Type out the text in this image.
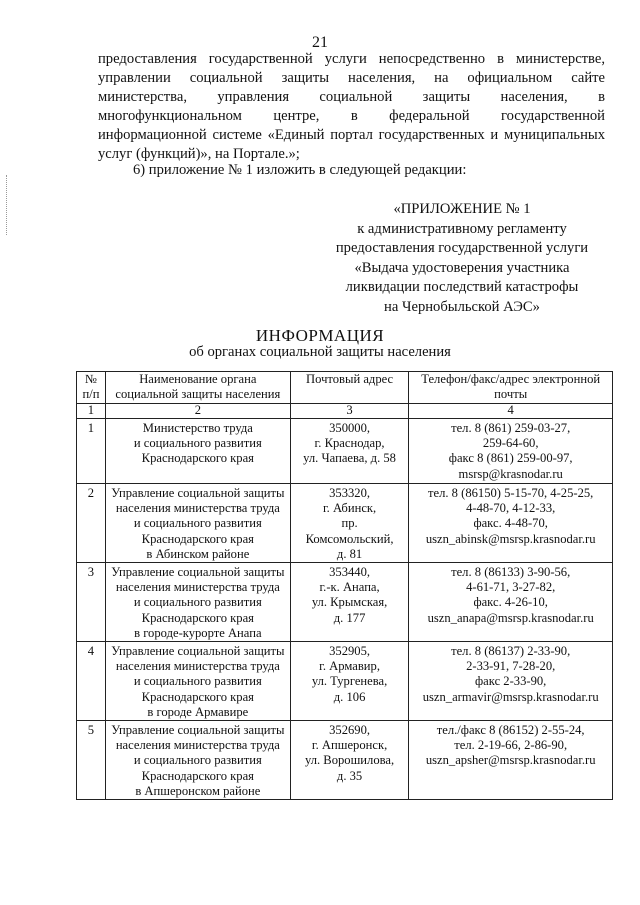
21
предоставления государственной услуги непосредственно в министерстве,
управлении социальной защиты населения, на официальном сайте
министерства, управления социальной защиты населения, в
многофункциональном центре, в федеральной государственной
информационной системе «Единый портал государственных и муниципальных
услуг (функций)», на Портале.»;
6) приложение № 1 изложить в следующей редакции:
«ПРИЛОЖЕНИЕ № 1
к административному регламенту
предоставления государственной услуги
«Выдача удостоверения участника
ликвидации последствий катастрофы
на Чернобыльской АЭС»
ИНФОРМАЦИЯ
об органах социальной защиты населения
№
п/п	Наименование органа
социальной защиты населения	Почтовый адрес	Телефон/факс/адрес электронной
почты

1	2	3	4
1	Министерство труда
и социального развития
Краснодарского края	350000,
г. Краснодар,
ул. Чапаева, д. 58	тел. 8 (861) 259-03-27,
259-64-60,
факс 8 (861) 259-00-97,
msrsp@krasnodar.ru

2	Управление социальной защиты
населения министерства труда
и социального развития
Краснодарского края
в Абинском районе	353320,
г. Абинск,
пр.
Комсомольский,
д. 81	тел. 8 (86150) 5-15-70, 4-25-25,
4-48-70, 4-12-33,
факс. 4-48-70,
uszn_abinsk@msrsp.krasnodar.ru

3	Управление социальной защиты
населения министерства труда
и социального развития
Краснодарского края
в городе-курорте Анапа	353440,
г.-к. Анапа,
ул. Крымская,
д. 177	тел. 8 (86133) 3-90-56,
4-61-71, 3-27-82,
факс. 4-26-10,
uszn_anapa@msrsp.krasnodar.ru

4	Управление социальной защиты
населения министерства труда
и социального развития
Краснодарского края
в городе Армавире	352905,
г. Армавир,
ул. Тургенева,
д. 106	тел. 8 (86137) 2-33-90,
2-33-91, 7-28-20,
факс 2-33-90,
uszn_armavir@msrsp.krasnodar.ru

5	Управление социальной защиты
населения министерства труда
и социального развития
Краснодарского края
в Апшеронском районе	352690,
г. Апшеронск,
ул. Ворошилова,
д. 35	тел./факс 8 (86152) 2-55-24,
тел. 2-19-66, 2-86-90,
uszn_apsher@msrsp.krasnodar.ru
